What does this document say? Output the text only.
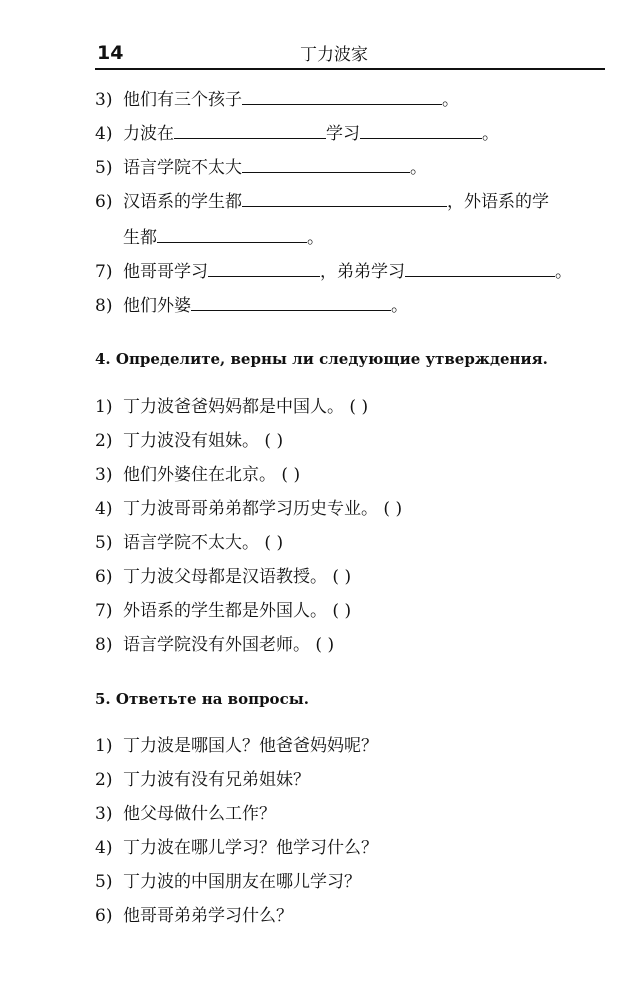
14	丁力波家
3) 他们有三个孩子	。
4) 力波在	学习	。
5) 语言学院不太大	。
6) 汉语系的学生都	，外语系的学
生都	。
7) 他哥哥学习	，弟弟学习	。
8) 他们外婆	。
4. Определите, верны ли следующие утверждения.
1) 丁力波爸爸妈妈都是中国人。 ( )
2) 丁力波没有姐妹。 ( )
3) 他们外婆住在北京。 ( )
4) 丁力波哥哥弟弟都学习历史专业。 ( )
5) 语言学院不太大。 ( )
6) 丁力波父母都是汉语教授。 ( )
7) 外语系的学生都是外国人。 ( )
8) 语言学院没有外国老师。 ( )
5. Ответьте на вопросы.
1) 丁力波是哪国人？他爸爸妈妈呢？
2) 丁力波有没有兄弟姐妹？
3) 他父母做什么工作？
4) 丁力波在哪儿学习？他学习什么？
5) 丁力波的中国朋友在哪儿学习？
6) 他哥哥弟弟学习什么？
